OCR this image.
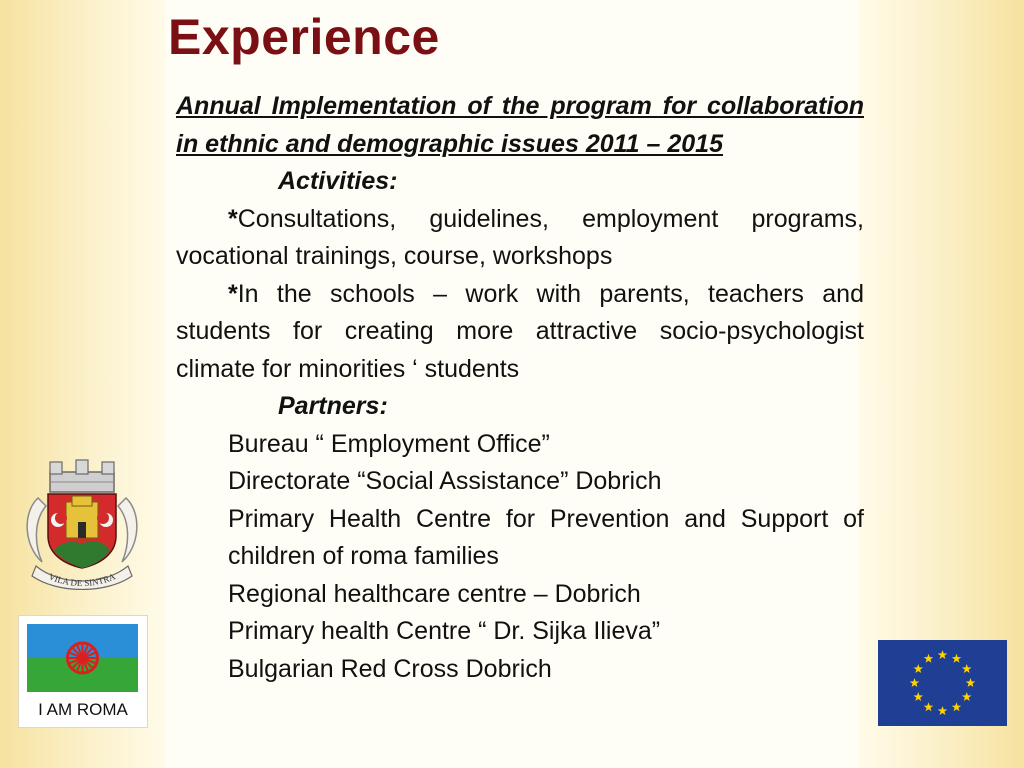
Experience
Annual Implementation of the program for collaboration in ethnic and demographic issues 2011 – 2015
Activities:
*Consultations, guidelines, employment programs, vocational trainings, course, workshops
*In the schools – work with parents, teachers and students for creating more attractive socio-psychologist climate for minorities ‘ students
Partners:
Bureau “ Employment Office”
Directorate “Social Assistance” Dobrich
Primary Health Centre for Prevention and Support of children of roma families
Regional healthcare centre – Dobrich
Primary health Centre “ Dr. Sijka Ilieva”
Bulgarian Red Cross Dobrich
VILA DE SINTRA
I AM ROMA
